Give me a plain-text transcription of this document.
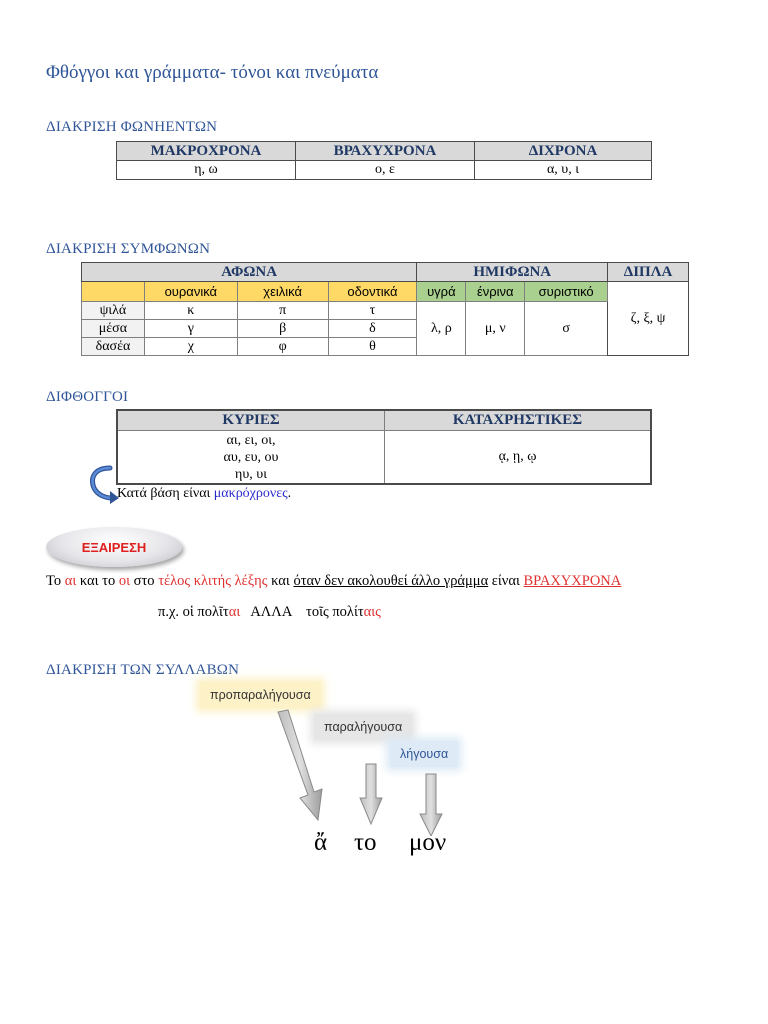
Φθόγγοι και γράμματα- τόνοι και πνεύματα
ΔΙΑΚΡΙΣΗ ΦΩΝΗΕΝΤΩΝ
ΜΑΚΡΟΧΡΟΝΑ	ΒΡΑΧΥΧΡΟΝΑ	ΔΙΧΡΟΝΑ
η, ω	ο, ε	α, υ, ι
ΔΙΑΚΡΙΣΗ ΣΥΜΦΩΝΩΝ
ΑΦΩΝΑ				ΗΜΙΦΩΝΑ			ΔΙΠΛΑ
	ουρανικά	χειλικά	οδοντικά	υγρά	ένρινα	συριστικό	ζ, ξ, ψ
ψιλά	κ	π	τ	λ, ρ	μ, ν	σ	
μέσα	γ	β	δ				
δασέα	χ	φ	θ				
ΔΙΦΘΟΓΓΟΙ
ΚΥΡΙΕΣ	ΚΑΤΑΧΡΗΣΤΙΚΕΣ

αι, ει, οι,
αυ, ευ, ου
ηυ, υι	ᾳ, ῃ, ῳ
Κατά βάση είναι μακρόχρονες.
ΕΞΑΙΡΕΣΗ
Το αι και το οι στο τέλος κλιτής λέξης και όταν δεν ακολουθεί άλλο γράμμα είναι ΒΡΑΧΥΧΡΟΝΑ
π.χ. οἱ πολῖται   ΑΛΛΑ    τοῖς πολίταις
ΔΙΑΚΡΙΣΗ ΤΩΝ ΣΥΛΛΑΒΩΝ
προπαραλήγουσα
παραλήγουσα
λήγουσα
ἄ το μον
